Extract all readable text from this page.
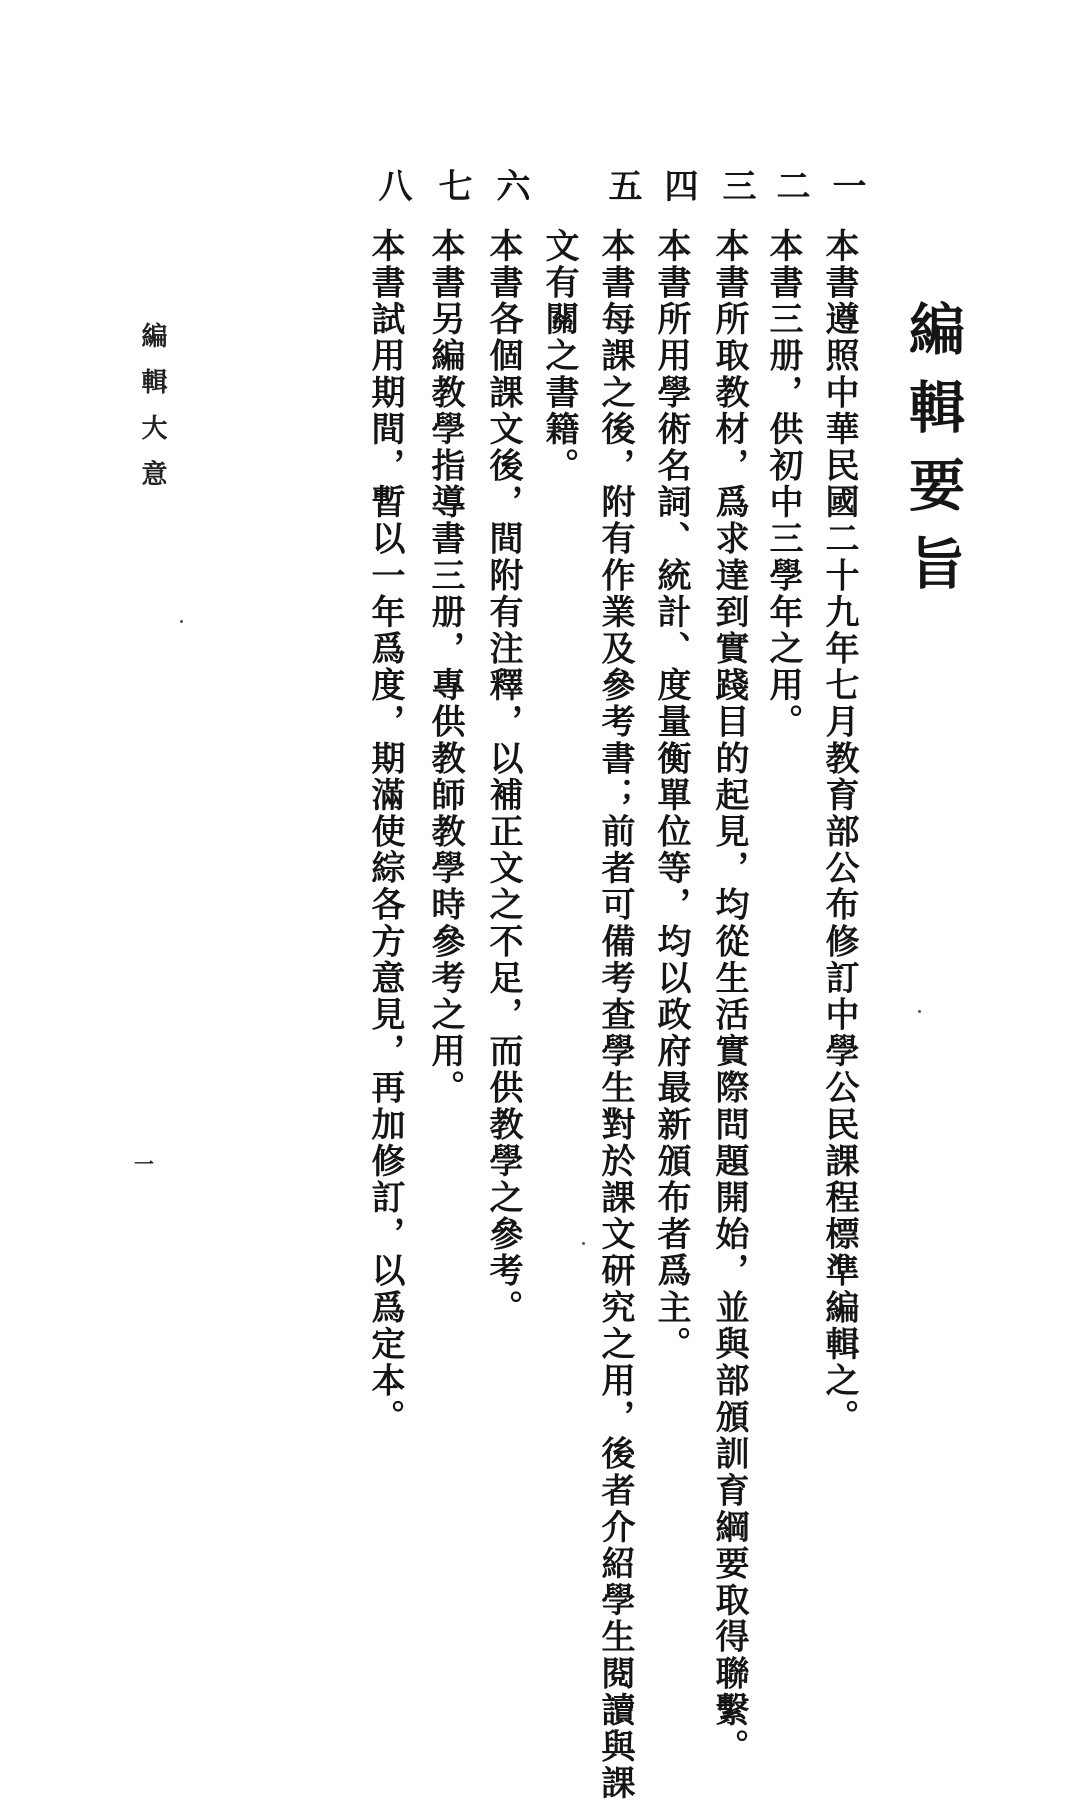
編輯要旨
一
本書遵照中華民國二十九年七月教育部公布修訂中學公民課程標準編輯之。
二
本書三册，供初中三學年之用。
三
本書所取教材，爲求達到實踐目的起見，均從生活實際問題開始，並與部頒訓育綱要取得聯繫。
四
本書所用學術名詞、統計、度量衡單位等，均以政府最新頒布者爲主。
五
本書每課之後，附有作業及參考書；前者可備考查學生對於課文研究之用，後者介紹學生閱讀與課
文有關之書籍。
六
本書各個課文後，間附有注釋，以補正文之不足，而供教學之參考。
七
本書另編教學指導書三册，專供教師教學時參考之用。
八
本書試用期間，暫以一年爲度，期滿使綜各方意見，再加修訂，以爲定本。
編輯大意
一
